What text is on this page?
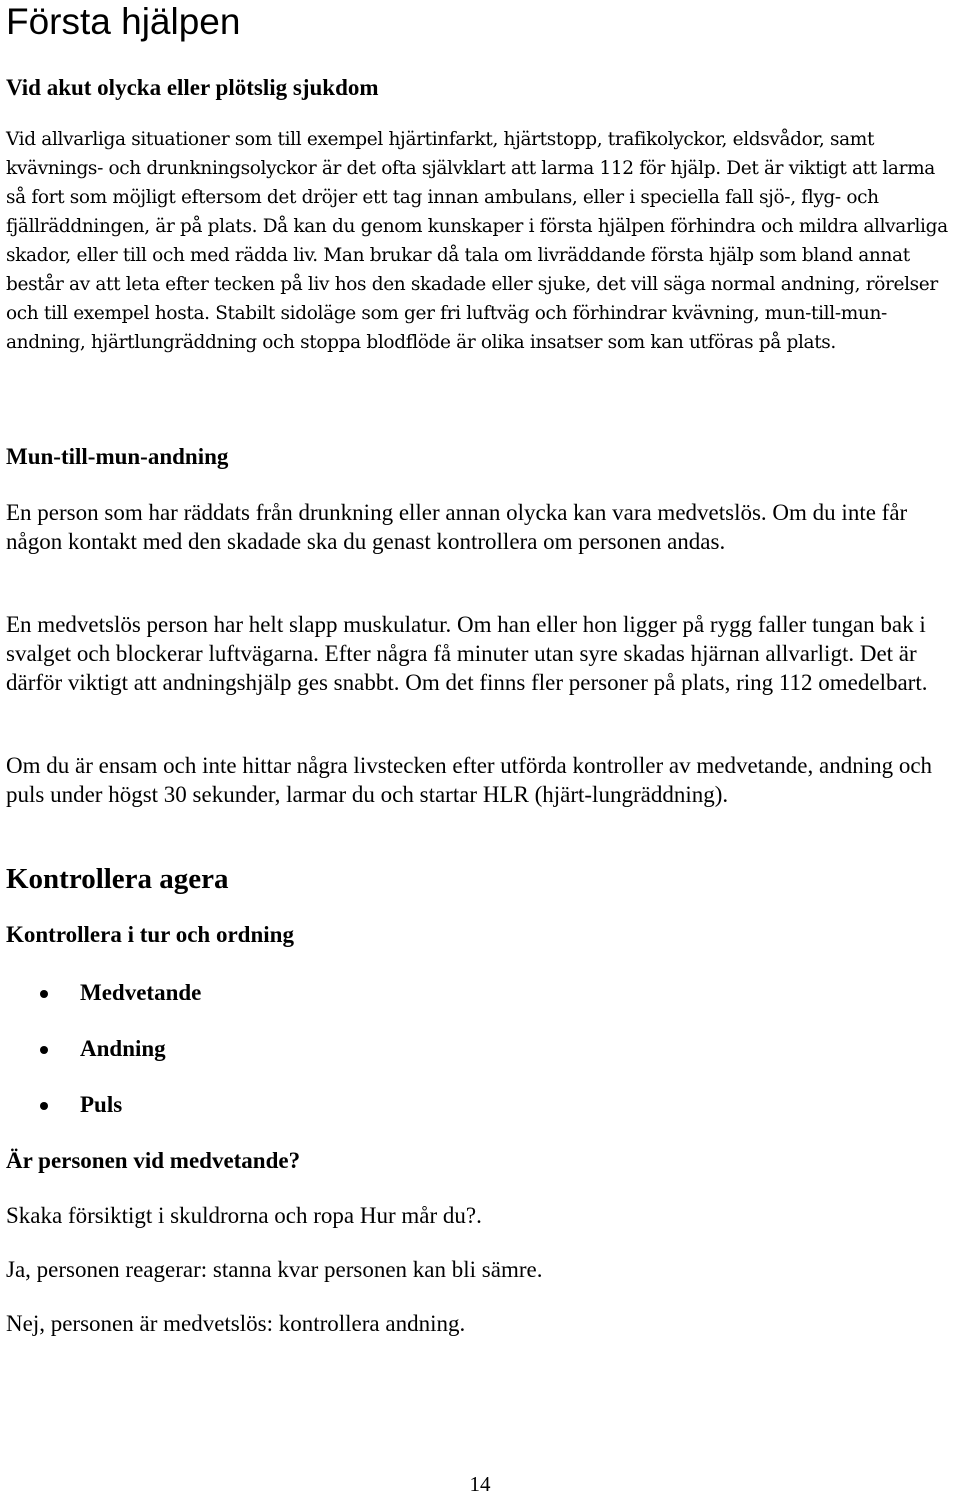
Första hjälpen
Vid akut olycka eller plötslig sjukdom

Vid allvarliga situationer som till exempel hjärtinfarkt, hjärtstopp, trafikolyckor, eldsvådor, samt kvävnings- och drunkningsolyckor är det ofta självklart att larma 112 för hjälp. Det är viktigt att larma så fort som möjligt eftersom det dröjer ett tag innan ambulans, eller i speciella fall sjö-, flyg- och fjällräddningen, är på plats. Då kan du genom kunskaper i första hjälpen förhindra och mildra allvarliga skador, eller till och med rädda liv. Man brukar då tala om livräddande första hjälp som bland annat består av att leta efter tecken på liv hos den skadade eller sjuke, det vill säga normal andning, rörelser och till exempel hosta. Stabilt sidoläge som ger fri luftväg och förhindrar kvävning, mun-till-mun-andning, hjärtlungräddning och stoppa blodflöde är olika insatser som kan utföras på plats.

Mun-till-mun-andning

En person som har räddats från drunkning eller annan olycka kan vara medvetslös. Om du inte får någon kontakt med den skadade ska du genast kontrollera om personen andas.

En medvetslös person har helt slapp muskulatur. Om han eller hon ligger på rygg faller tungan bak i svalget och blockerar luftvägarna. Efter några få minuter utan syre skadas hjärnan allvarligt. Det är därför viktigt att andningshjälp ges snabbt. Om det finns fler personer på plats, ring 112 omedelbart.

Om du är ensam och inte hittar några livstecken efter utförda kontroller av medvetande, andning och puls under högst 30 sekunder, larmar du och startar HLR (hjärt-lungräddning).

Kontrollera agera
Kontrollera i tur och ordning
Medvetande
Andning
Puls
Är personen vid medvetande?

Skaka försiktigt i skuldrorna och ropa Hur mår du?.

Ja, personen reagerar: stanna kvar personen kan bli sämre.

Nej, personen är medvetslös: kontrollera andning.

14
